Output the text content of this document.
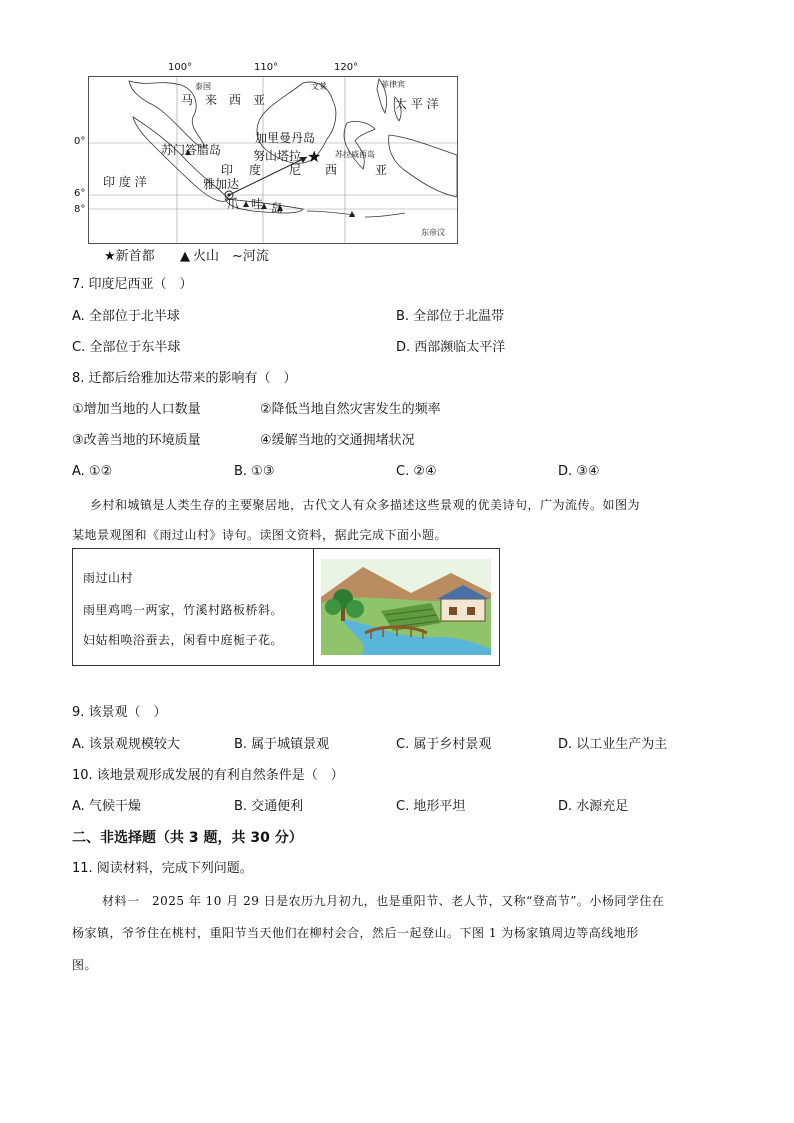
100°	110°	120°
0°
6°
8°
★
马　来　西　亚	太 平 洋
印 度 洋
苏门答腊岛
加里曼丹岛
努山塔拉
雅加达
爪　哇 岛
印 度 尼 西	亚
泰国	文莱	菲律宾
苏拉威西岛
东帝汶
★新首都 ▲ 火山 ~河流
7. 印度尼西亚（　）
A. 全部位于北半球	B. 全部位于北温带
C. 全部位于东半球	D. 西部濒临太平洋
8. 迁都后给雅加达带来的影响有（　）
①增加当地的人口数量	②降低当地自然灾害发生的频率
③改善当地的环境质量	④缓解当地的交通拥堵状况
A. ①②	B. ①③	C. ②④	D. ③④
乡村和城镇是人类生存的主要聚居地，古代文人有众多描述这些景观的优美诗句，广为流传。如图为
某地景观图和《雨过山村》诗句。读图文资料，据此完成下面小题。
雨过山村
雨里鸡鸣一两家，竹溪村路板桥斜。
妇姑相唤浴蚕去，闲看中庭栀子花。
9. 该景观（　）
A. 该景观规模较大	B. 属于城镇景观	C. 属于乡村景观	D. 以工业生产为主
10. 该地景观形成发展的有利自然条件是（　）
A. 气候干燥	B. 交通便利	C. 地形平坦	D. 水源充足
二、非选择题（共 3 题，共 30 分）
11. 阅读材料，完成下列问题。
材料一　2025 年 10 月 29 日是农历九月初九，也是重阳节、老人节，又称“登高节”。小杨同学住在
杨家镇，爷爷住在桃村，重阳节当天他们在柳村会合，然后一起登山。下图 1 为杨家镇周边等高线地形
图。
